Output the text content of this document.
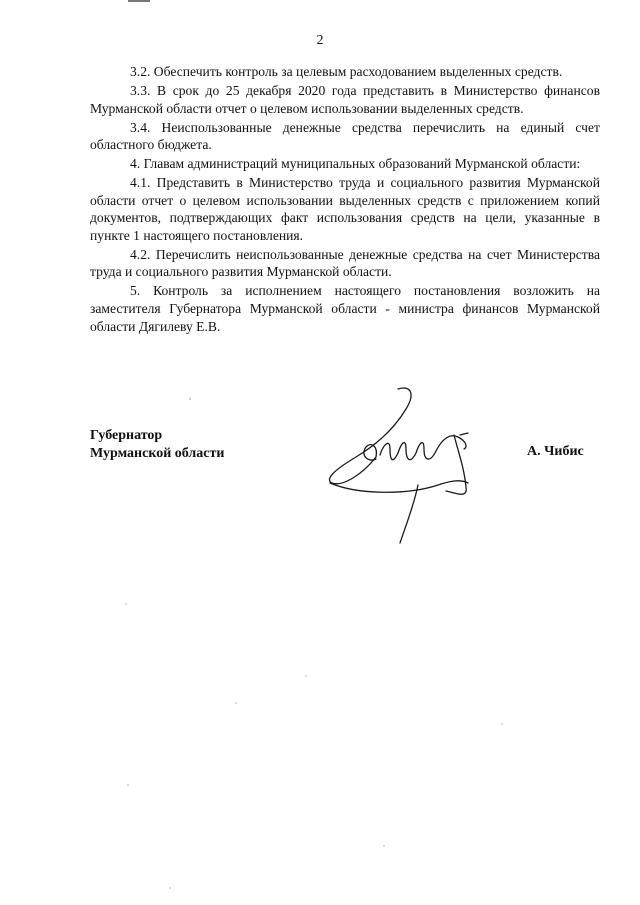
2

3.2. Обеспечить контроль за целевым расходованием выделенных средств.

3.3. В срок до 25 декабря 2020 года представить в Министерство финансов Мурманской области отчет о целевом использовании выделенных средств.

3.4. Неиспользованные денежные средства перечислить на единый счет областного бюджета.

4. Главам администраций муниципальных образований Мурманской области:

4.1. Представить в Министерство труда и социального развития Мурманской области отчет о целевом использовании выделенных средств с приложением копий документов, подтверждающих факт использования средств на цели, указанные в пункте 1 настоящего постановления.

4.2. Перечислить неиспользованные денежные средства на счет Министерства труда и социального развития Мурманской области.

5. Контроль за исполнением настоящего постановления возложить на заместителя Губернатора Мурманской области - министра финансов Мурманской области Дягилеву Е.В.

Губернатор
Мурманской области	А. Чибис
